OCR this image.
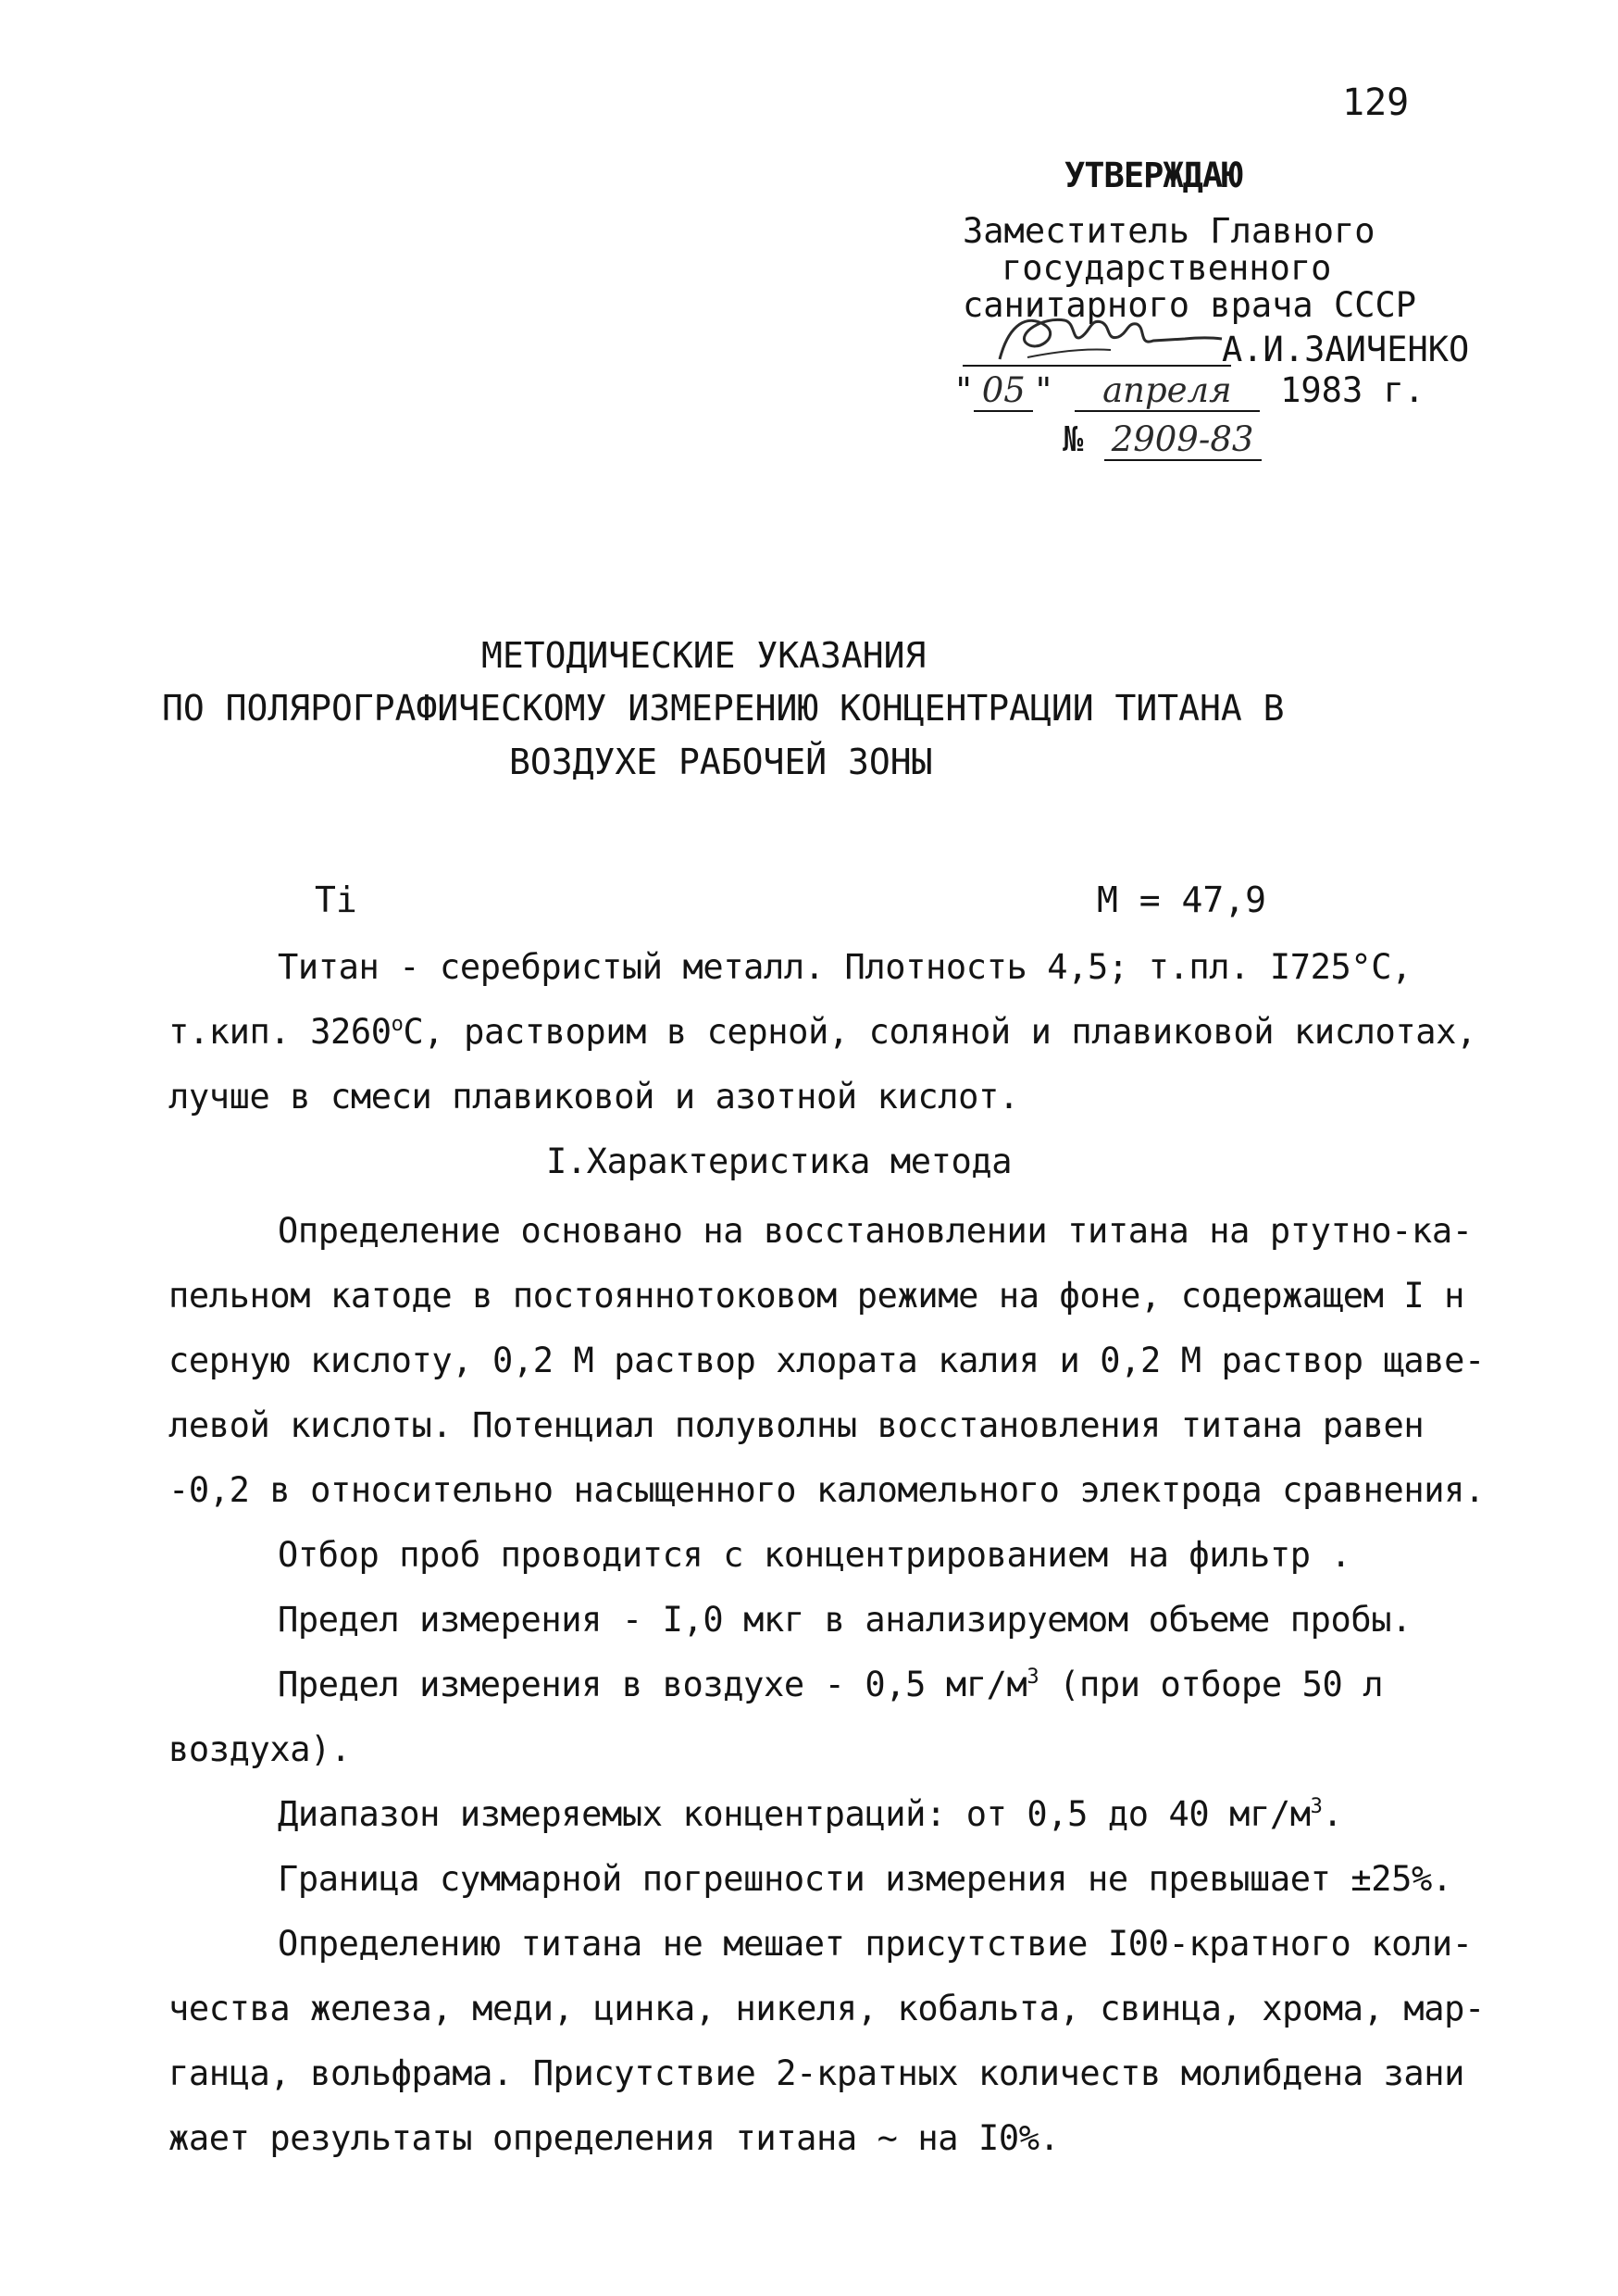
129
УТВЕРЖДАЮ
Заместитель Главного
государственного
санитарного врача СССР
А.И.ЗАИЧЕНКО
" 05 " апреля 1983 г.
№ 2909-83
МЕТОДИЧЕСКИЕ УКАЗАНИЯ
ПО ПОЛЯРОГРАФИЧЕСКОМУ ИЗМЕРЕНИЮ КОНЦЕНТРАЦИИ ТИТАНА В
ВОЗДУХЕ РАБОЧЕЙ ЗОНЫ
Ti	М = 47,9
Титан - серебристый металл. Плотность 4,5; т.пл. I725°С,
т.кип. $3260^оС$, растворим в серной, соляной и плавиковой кислотах,
лучше в смеси плавиковой и азотной кислот.
I.Характеристика метода
Определение основано на восстановлении титана на ртутно-ка-
пельном катоде в постояннотоковом режиме на фоне, содержащем I н
серную кислоту, 0,2 М раствор хлората калия и 0,2 М раствор щаве-
левой кислоты. Потенциал полуволны восстановления титана равен
-0,2 в относительно насыщенного каломельного электрода сравнения.
Отбор проб проводится с концентрированием на фильтр .
Предел измерения - I,0 мкг в анализируемом объеме пробы.
Предел измерения в воздухе - 0,5 $мг/м^3$ (при отборе 50 л
воздуха).
Диапазон измеряемых концентраций: от 0,5 до 40 $мг/м^3$.
Граница суммарной погрешности измерения не превышает ±25%.
Определению титана не мешает присутствие I00-кратного коли-
чества железа, меди, цинка, никеля, кобальта, свинца, хрома, мар-
ганца, вольфрама. Присутствие 2-кратных количеств молибдена зани
жает результаты определения титана ~ на I0%.
